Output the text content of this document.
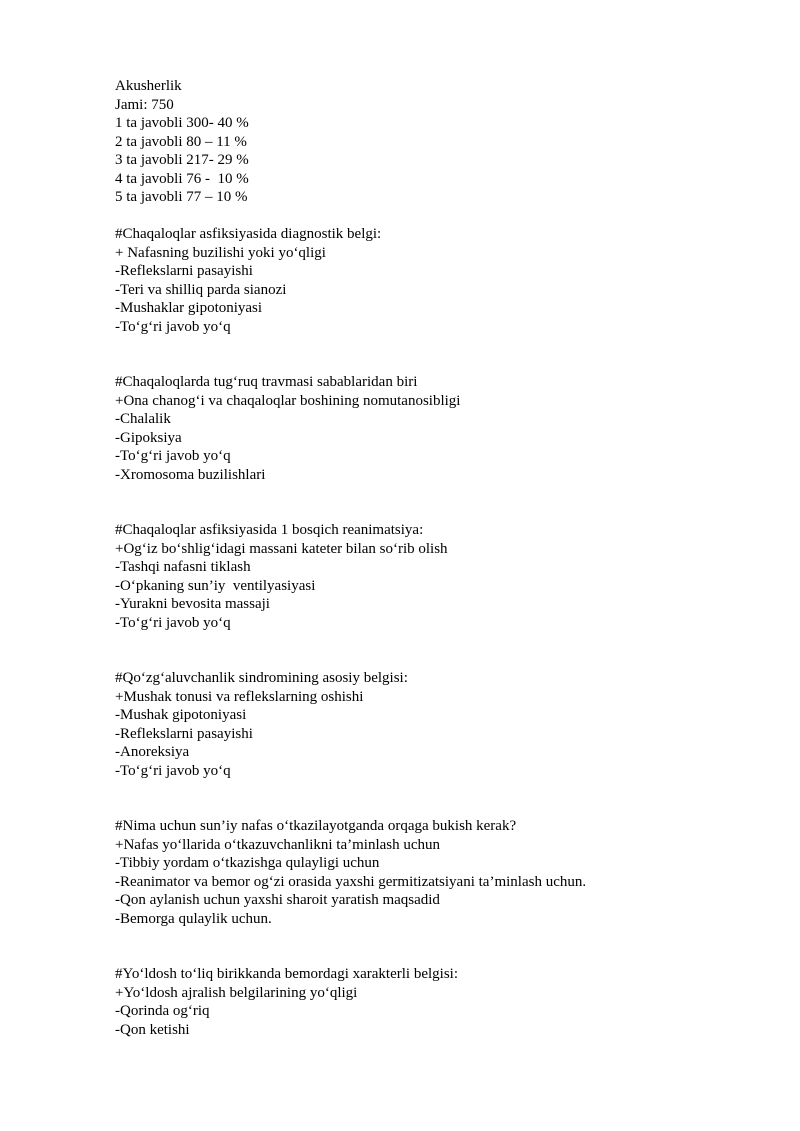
Akusherlik
Jami: 750
1 ta javobli 300- 40 %
2 ta javobli 80 – 11 %
3 ta javobli 217- 29 %
4 ta javobli 76 -  10 %
5 ta javobli 77 – 10 %
#Chaqaloqlar asfiksiyasida diagnostik belgi:
+ Nafasning buzilishi yoki yo‘qligi
-Reflekslarni pasayishi
-Teri va shilliq parda sianozi
-Mushaklar gipotoniyasi
-To‘g‘ri javob yo‘q
#Chaqaloqlarda tug‘ruq travmasi sabablaridan biri
+Ona chanog‘i va chaqaloqlar boshining nomutanosibligi
-Chalalik
-Gipoksiya
-To‘g‘ri javob yo‘q
-Xromosoma buzilishlari
#Chaqaloqlar asfiksiyasida 1 bosqich reanimatsiya:
+Og‘iz bo‘shlig‘idagi massani kateter bilan so‘rib olish
-Tashqi nafasni tiklash
-O‘pkaning sun’iy  ventilyasiyasi
-Yurakni bevosita massaji
-To‘g‘ri javob yo‘q
#Qo‘zg‘aluvchanlik sindromining asosiy belgisi:
+Mushak tonusi va reflekslarning oshishi
-Mushak gipotoniyasi
-Reflekslarni pasayishi
-Anoreksiya
-To‘g‘ri javob yo‘q
#Nima uchun sun’iy nafas o‘tkazilayotganda orqaga bukish kerak?
+Nafas yo‘llarida o‘tkazuvchanlikni ta’minlash uchun
-Tibbiy yordam o‘tkazishga qulayligi uchun
-Reanimator va bemor og‘zi orasida yaxshi germitizatsiyani ta’minlash uchun.
-Qon aylanish uchun yaxshi sharoit yaratish maqsadid
-Bemorga qulaylik uchun.
#Yo‘ldosh to‘liq birikkanda bemordagi xarakterli belgisi:
+Yo‘ldosh ajralish belgilarining yo‘qligi
-Qorinda og‘riq
-Qon ketishi
